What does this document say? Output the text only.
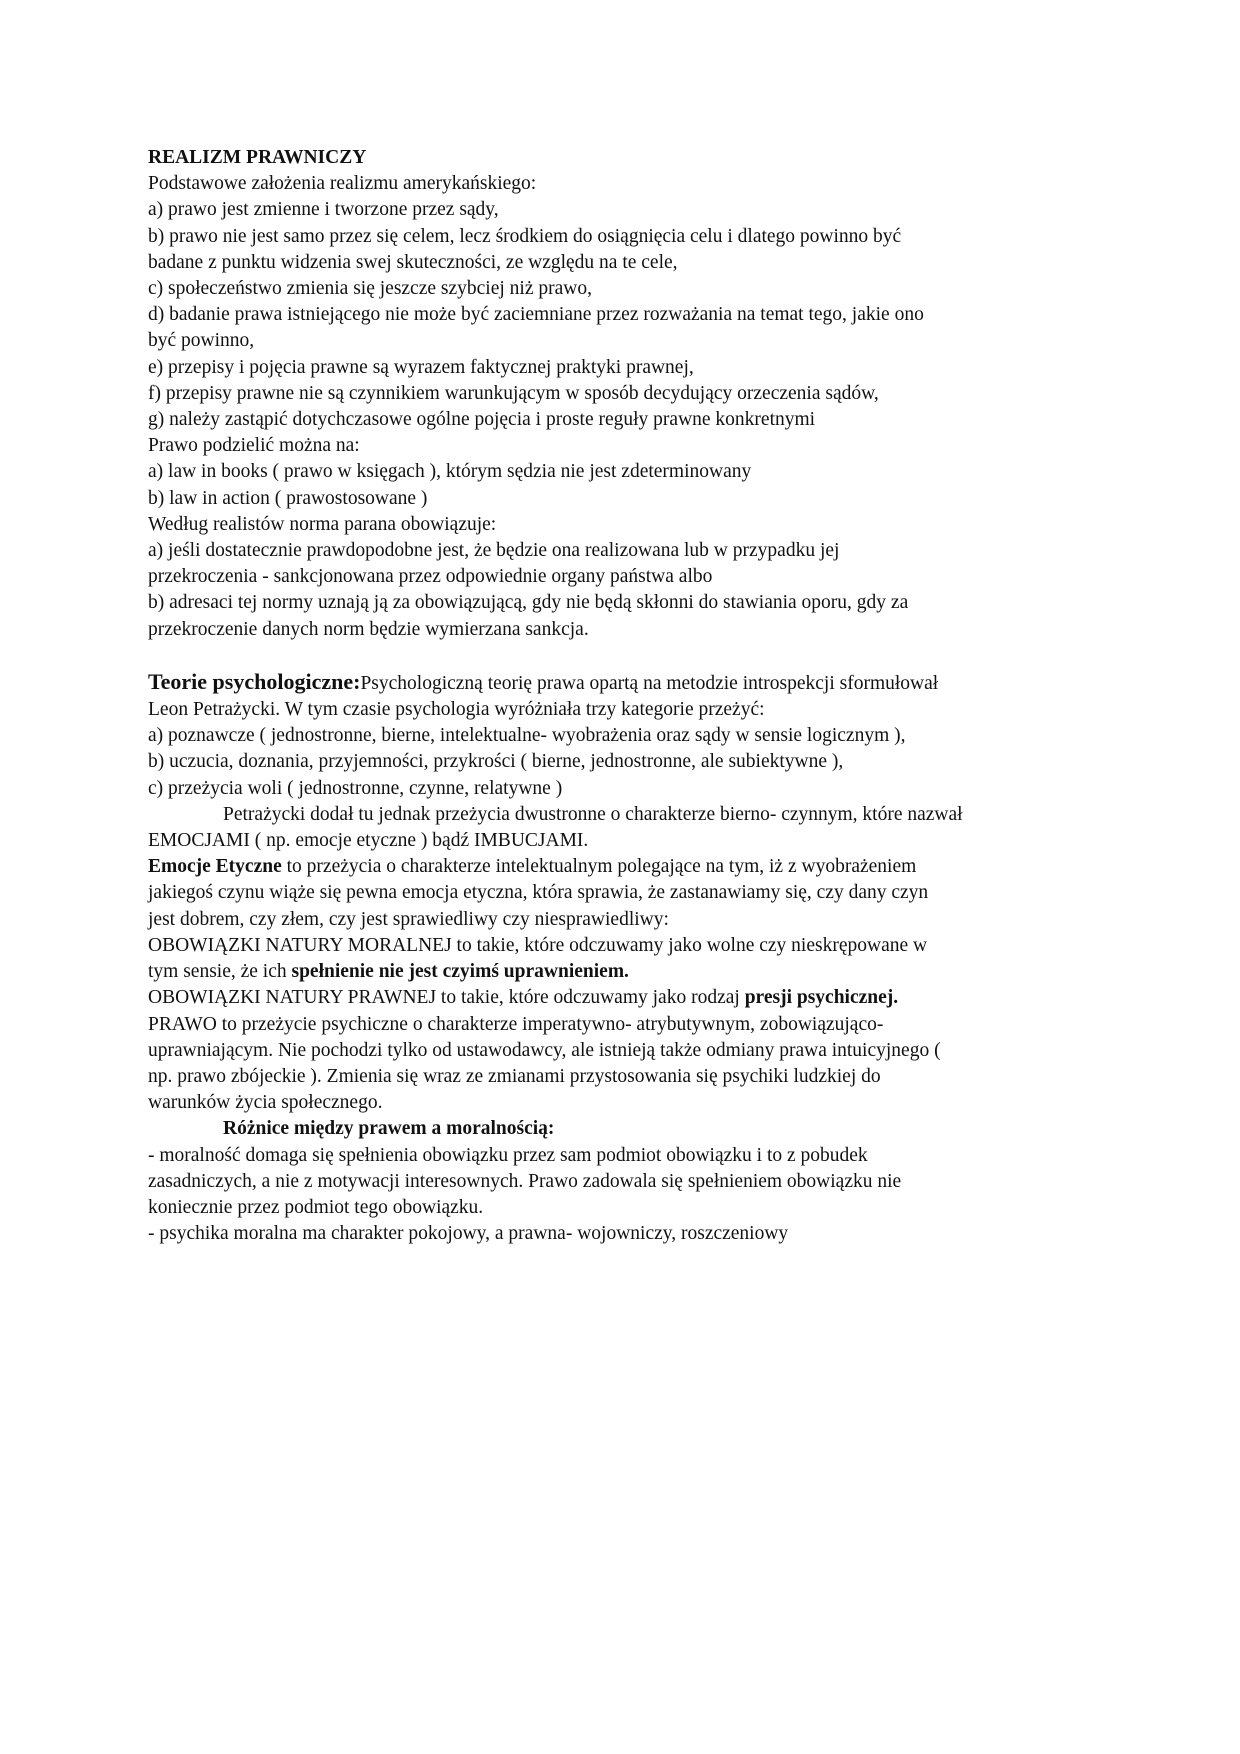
REALIZM PRAWNICZY
Podstawowe założenia realizmu amerykańskiego:
a) prawo jest zmienne i tworzone przez sądy,
b) prawo nie jest samo przez się celem, lecz środkiem do osiągnięcia celu i dlatego powinno być
badane z punktu widzenia swej skuteczności, ze względu na te cele,
c) społeczeństwo zmienia się jeszcze szybciej niż prawo,
d) badanie prawa istniejącego nie może być zaciemniane przez rozważania na temat tego, jakie ono
być powinno,
e) przepisy i pojęcia prawne są wyrazem faktycznej praktyki prawnej,
f) przepisy prawne nie są czynnikiem warunkującym w sposób decydujący orzeczenia sądów,
g) należy zastąpić dotychczasowe ogólne pojęcia i proste reguły prawne konkretnymi
Prawo podzielić można na:
a) law in books ( prawo w księgach ), którym sędzia nie jest zdeterminowany
b) law in action ( prawostosowane )
Według realistów norma parana obowiązuje:
a) jeśli dostatecznie prawdopodobne jest, że będzie ona realizowana lub w przypadku jej
przekroczenia - sankcjonowana przez odpowiednie organy państwa albo
b) adresaci tej normy uznają ją za obowiązującą, gdy nie będą skłonni do stawiania oporu, gdy za
przekroczenie danych norm będzie wymierzana sankcja.
Teorie psychologiczne:Psychologiczną teorię prawa opartą na metodzie introspekcji sformułował
Leon Petrażycki. W tym czasie psychologia wyróżniała trzy kategorie przeżyć:
a) poznawcze ( jednostronne, bierne, intelektualne- wyobrażenia oraz sądy w sensie logicznym ),
b) uczucia, doznania, przyjemności, przykrości ( bierne, jednostronne, ale subiektywne ),
c) przeżycia woli ( jednostronne, czynne, relatywne )
Petrażycki dodał tu jednak przeżycia dwustronne o charakterze bierno- czynnym, które nazwał
EMOCJAMI ( np. emocje etyczne ) bądź IMBUCJAMI.
Emocje Etyczne to przeżycia o charakterze intelektualnym polegające na tym, iż z wyobrażeniem
jakiegoś czynu wiąże się pewna emocja etyczna, która sprawia, że zastanawiamy się, czy dany czyn
jest dobrem, czy złem, czy jest sprawiedliwy czy niesprawiedliwy:
OBOWIĄZKI NATURY MORALNEJ to takie, które odczuwamy jako wolne czy nieskrępowane w
tym sensie, że ich spełnienie nie jest czyimś uprawnieniem.
OBOWIĄZKI NATURY PRAWNEJ to takie, które odczuwamy jako rodzaj presji psychicznej.
PRAWO to przeżycie psychiczne o charakterze imperatywno- atrybutywnym, zobowiązująco-
uprawniającym. Nie pochodzi tylko od ustawodawcy, ale istnieją także odmiany prawa intuicyjnego (
np. prawo zbójeckie ). Zmienia się wraz ze zmianami przystosowania się psychiki ludzkiej do
warunków życia społecznego.
Różnice między prawem a moralnością:
- moralność domaga się spełnienia obowiązku przez sam podmiot obowiązku i to z pobudek
zasadniczych, a nie z motywacji interesownych. Prawo zadowala się spełnieniem obowiązku nie
koniecznie przez podmiot tego obowiązku.
- psychika moralna ma charakter pokojowy, a prawna- wojowniczy, roszczeniowy
